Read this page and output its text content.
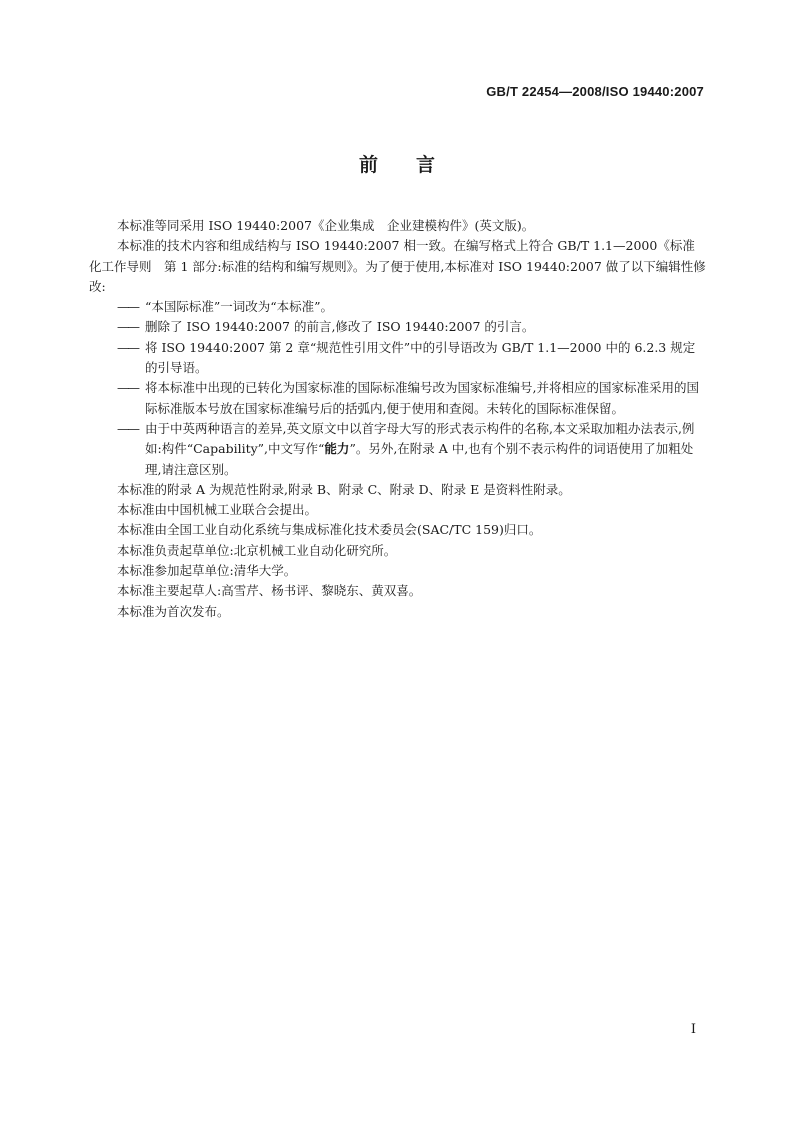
GB/T 22454—2008/ISO 19440:2007
前 言

本标准等同采用 ISO 19440:2007《企业集成　企业建模构件》(英文版)。

本标准的技术内容和组成结构与 ISO 19440:2007 相一致。在编写格式上符合 GB/T 1.1—2000《标准化工作导则　第 1 部分:标准的结构和编写规则》。为了便于使用,本标准对 ISO 19440:2007 做了以下编辑性修改:

—— “本国际标准”一词改为“本标准”。

—— 删除了 ISO 19440:2007 的前言,修改了 ISO 19440:2007 的引言。

—— 将 ISO 19440:2007 第 2 章“规范性引用文件”中的引导语改为 GB/T 1.1—2000 中的 6.2.3 规定的引导语。

—— 将本标准中出现的已转化为国家标准的国际标准编号改为国家标准编号,并将相应的国家标准采用的国际标准版本号放在国家标准编号后的括弧内,便于使用和查阅。未转化的国际标准保留。

—— 由于中英两种语言的差异,英文原文中以首字母大写的形式表示构件的名称,本文采取加粗办法表示,例如:构件“Capability”,中文写作“能力”。另外,在附录 A 中,也有个别不表示构件的词语使用了加粗处理,请注意区别。

本标准的附录 A 为规范性附录,附录 B、附录 C、附录 D、附录 E 是资料性附录。

本标准由中国机械工业联合会提出。

本标准由全国工业自动化系统与集成标准化技术委员会(SAC/TC 159)归口。

本标准负责起草单位:北京机械工业自动化研究所。

本标准参加起草单位:清华大学。

本标准主要起草人:高雪芹、杨书评、黎晓东、黄双喜。

本标准为首次发布。

I
